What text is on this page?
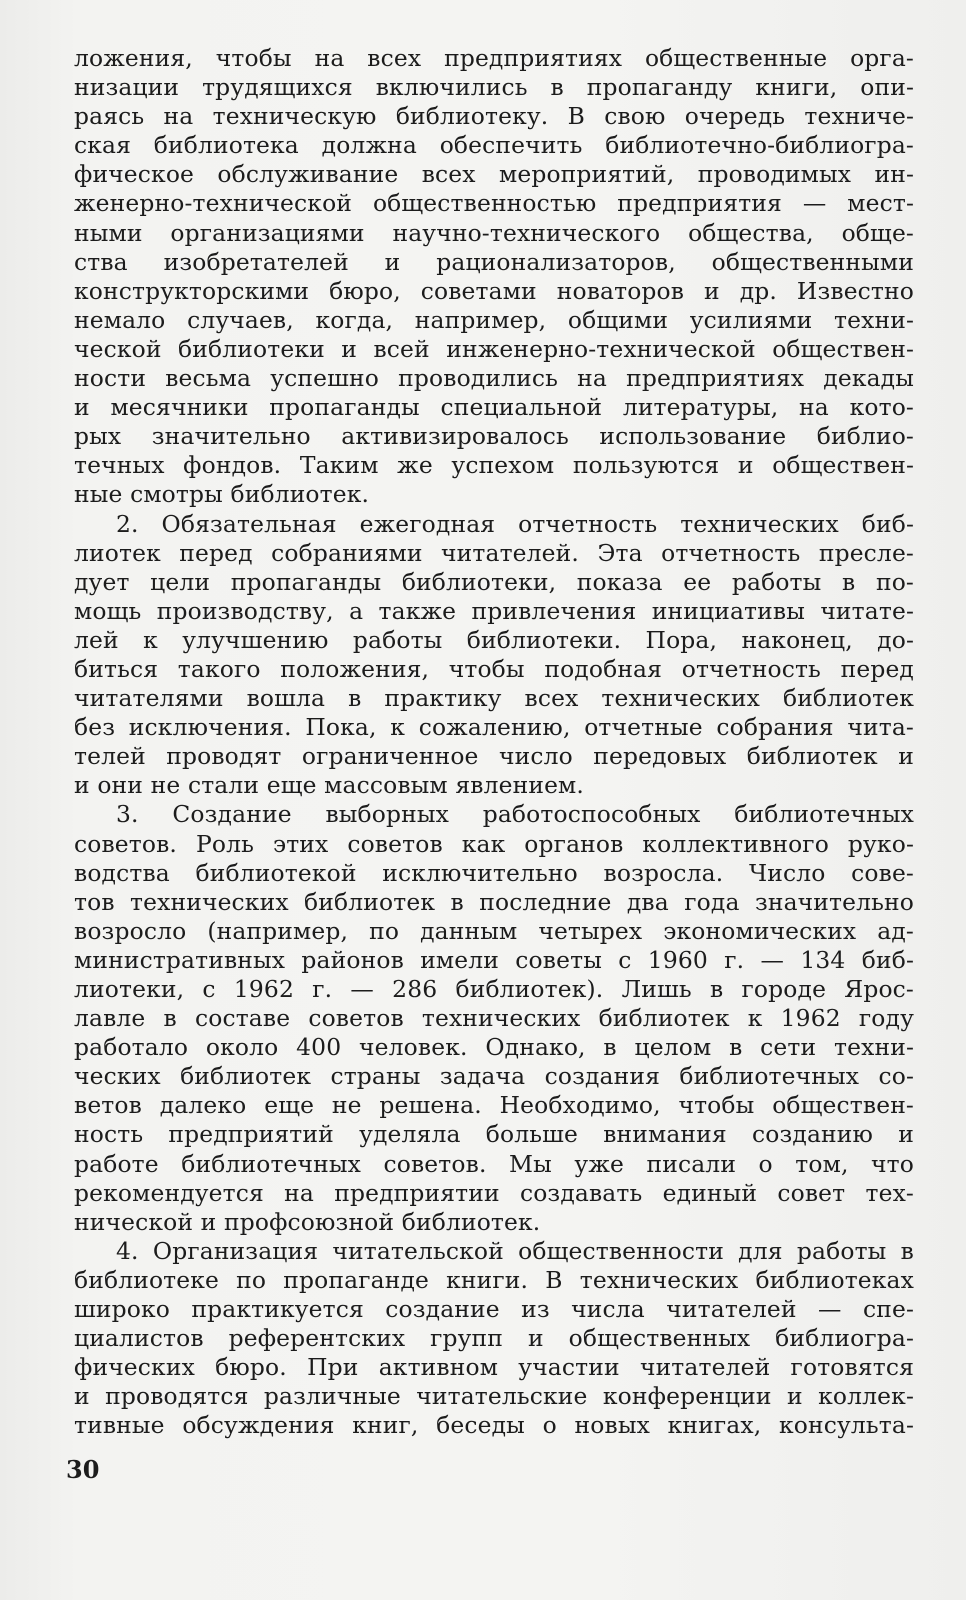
ложения, чтобы на всех предприятиях общественные орга-
низации трудящихся включились в пропаганду книги, опи-
раясь на техническую библиотеку. В свою очередь техниче-
ская библиотека должна обеспечить библиотечно-библиогра-
фическое обслуживание всех мероприятий, проводимых ин-
женерно-технической общественностью предприятия — мест-
ными организациями научно-технического общества, обще-
ства изобретателей и рационализаторов, общественными
конструкторскими бюро, советами новаторов и др. Известно
немало случаев, когда, например, общими усилиями техни-
ческой библиотеки и всей инженерно-технической обществен-
ности весьма успешно проводились на предприятиях декады
и месячники пропаганды специальной литературы, на кото-
рых значительно активизировалось использование библио-
течных фондов. Таким же успехом пользуются и обществен-
ные смотры библиотек.
2. Обязательная ежегодная отчетность технических биб-
лиотек перед собраниями читателей. Эта отчетность пресле-
дует цели пропаганды библиотеки, показа ее работы в по-
мощь производству, а также привлечения инициативы читате-
лей к улучшению работы библиотеки. Пора, наконец, до-
биться такого положения, чтобы подобная отчетность перед
читателями вошла в практику всех технических библиотек
без исключения. Пока, к сожалению, отчетные собрания чита-
телей проводят ограниченное число передовых библиотек и
и они не стали еще массовым явлением.
3. Создание выборных работоспособных библиотечных
советов. Роль этих советов как органов коллективного руко-
водства библиотекой исключительно возросла. Число сове-
тов технических библиотек в последние два года значительно
возросло (например, по данным четырех экономических ад-
министративных районов имели советы с 1960 г. — 134 биб-
лиотеки, с 1962 г. — 286 библиотек). Лишь в городе Ярос-
лавле в составе советов технических библиотек к 1962 году
работало около 400 человек. Однако, в целом в сети техни-
ческих библиотек страны задача создания библиотечных со-
ветов далеко еще не решена. Необходимо, чтобы обществен-
ность предприятий уделяла больше внимания созданию и
работе библиотечных советов. Мы уже писали о том, что
рекомендуется на предприятии создавать единый совет тех-
нической и профсоюзной библиотек.
4. Организация читательской общественности для работы в
библиотеке по пропаганде книги. В технических библиотеках
широко практикуется создание из числа читателей — спе-
циалистов референтских групп и общественных библиогра-
фических бюро. При активном участии читателей готовятся
и проводятся различные читательские конференции и коллек-
тивные обсуждения книг, беседы о новых книгах, консульта-
30
